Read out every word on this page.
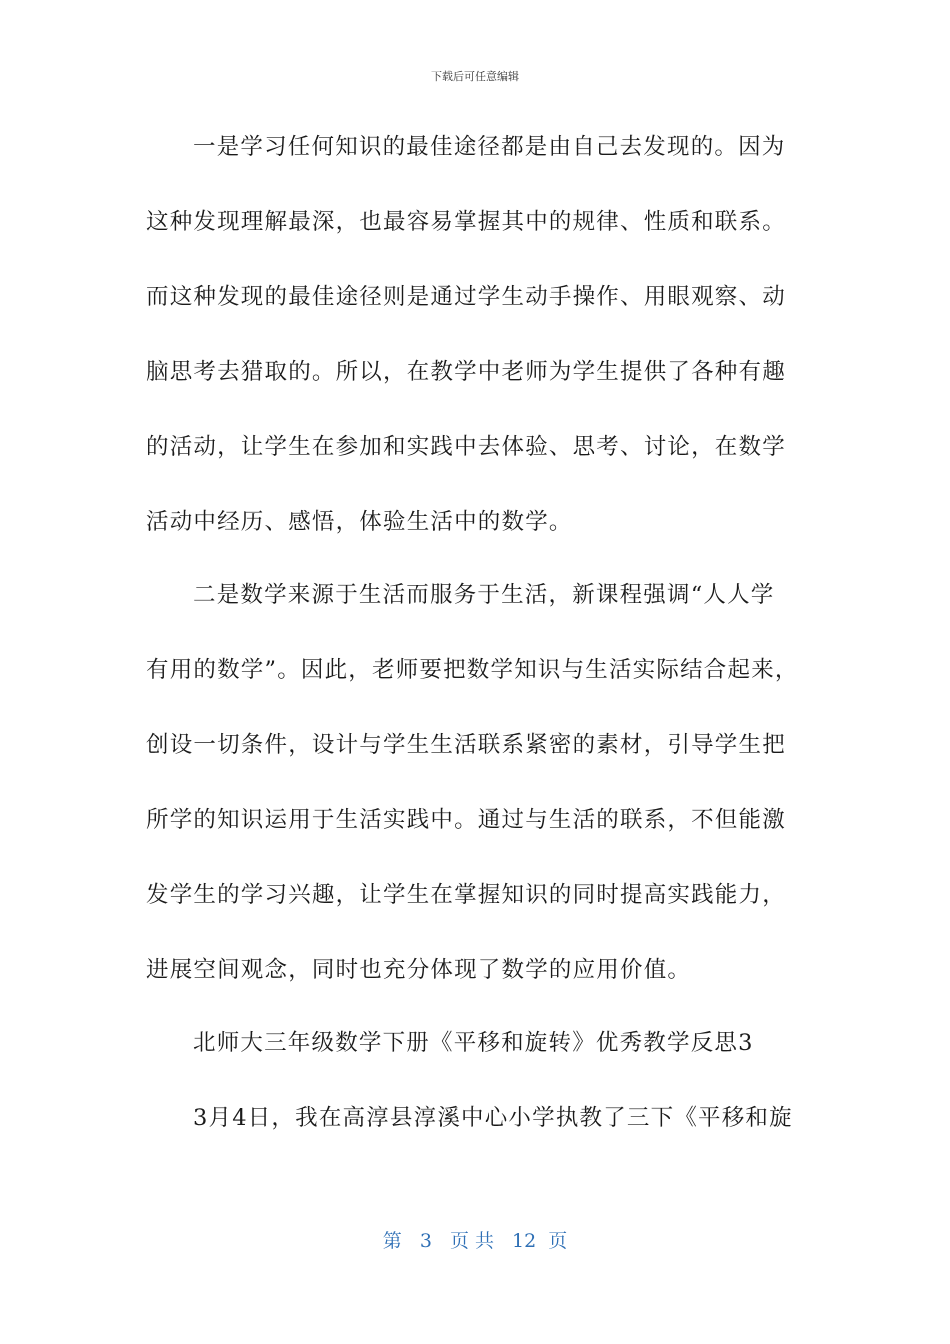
下载后可任意编辑
一是学习任何知识的最佳途径都是由自己去发现的。因为
这种发现理解最深，也最容易掌握其中的规律、性质和联系。
而这种发现的最佳途径则是通过学生动手操作、用眼观察、动
脑思考去猎取的。所以，在教学中老师为学生提供了各种有趣
的活动，让学生在参加和实践中去体验、思考、讨论，在数学
活动中经历、感悟，体验生活中的数学。
二是数学来源于生活而服务于生活，新课程强调“人人学
有用的数学”。因此，老师要把数学知识与生活实际结合起来，
创设一切条件，设计与学生生活联系紧密的素材，引导学生把
所学的知识运用于生活实践中。通过与生活的联系，不但能激
发学生的学习兴趣，让学生在掌握知识的同时提高实践能力，
进展空间观念，同时也充分体现了数学的应用价值。
北师大三年级数学下册《平移和旋转》优秀教学反思3
3月4日，我在高淳县淳溪中心小学执教了三下《平移和旋
第 3 页 共 12 页
